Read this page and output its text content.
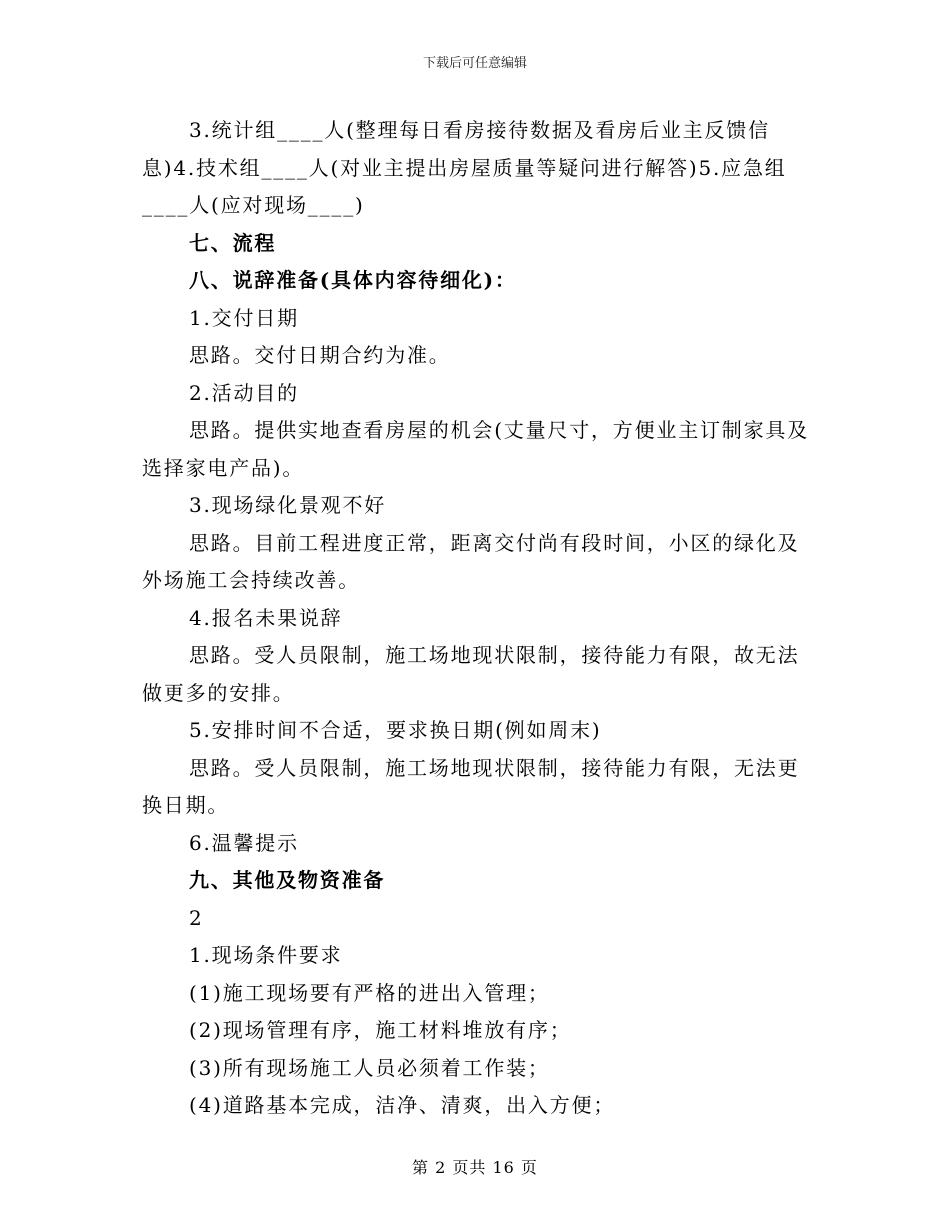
下载后可任意编辑

3.统计组____人(整理每日看房接待数据及看房后业主反馈信息)4.技术组____人(对业主提出房屋质量等疑问进行解答)5.应急组____人(应对现场____)

七、流程

八、说辞准备(具体内容待细化)：

1.交付日期

思路。交付日期合约为准。

2.活动目的

思路。提供实地查看房屋的机会(丈量尺寸，方便业主订制家具及选择家电产品)。

3.现场绿化景观不好

思路。目前工程进度正常，距离交付尚有段时间，小区的绿化及外场施工会持续改善。

4.报名未果说辞

思路。受人员限制，施工场地现状限制，接待能力有限，故无法做更多的安排。

5.安排时间不合适，要求换日期(例如周末)

思路。受人员限制，施工场地现状限制，接待能力有限，无法更换日期。

6.温馨提示

九、其他及物资准备

2

1.现场条件要求

(1)施工现场要有严格的进出入管理；

(2)现场管理有序，施工材料堆放有序；

(3)所有现场施工人员必须着工作装；

(4)道路基本完成，洁净、清爽，出入方便；

第 2 页共 16 页
